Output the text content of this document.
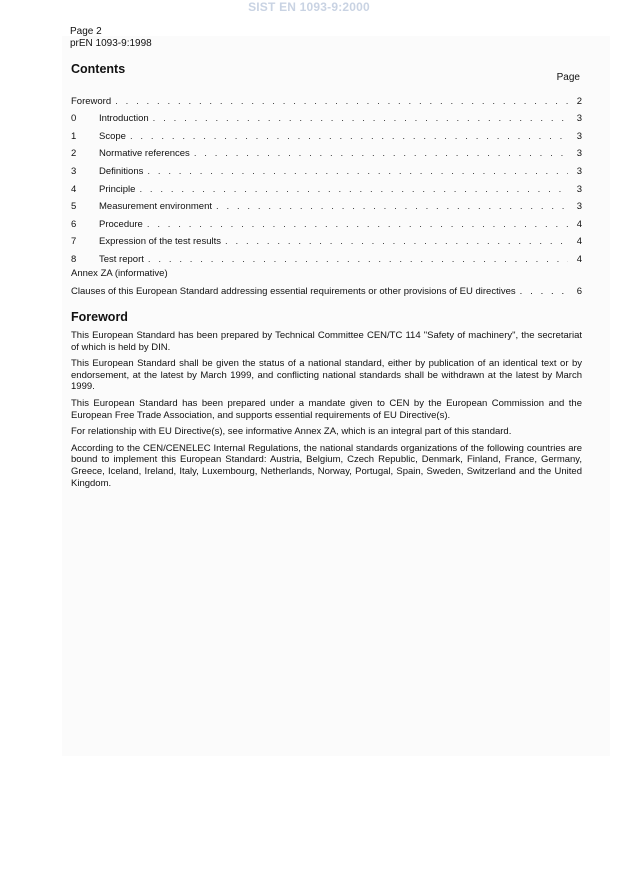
SIST EN 1093-9:2000
Page 2
prEN 1093-9:1998
Contents
Page
Foreword . . .	2
0	Introduction . . .	3
1	Scope . . .	3
2	Normative references . . .	3
3	Definitions . . .	3
4	Principle . . .	3
5	Measurement environment . . .	3
6	Procedure . . .	4
7	Expression of the test results . . .	4
8	Test report . . .	4
Annex ZA (informative)
Clauses of this European Standard addressing essential requirements or other provisions of EU directives . . .	6
Foreword

This European Standard has been prepared by Technical Committee CEN/TC 114 "Safety of machinery", the secretariat of which is held by DIN.

This European Standard shall be given the status of a national standard, either by publication of an identical text or by endorsement, at the latest by March 1999, and conflicting national standards shall be withdrawn at the latest by March 1999.

This European Standard has been prepared under a mandate given to CEN by the European Commission and the European Free Trade Association, and supports essential requirements of EU Directive(s).

For relationship with EU Directive(s), see informative Annex ZA, which is an integral part of this standard.

According to the CEN/CENELEC Internal Regulations, the national standards organizations of the following countries are bound to implement this European Standard: Austria, Belgium, Czech Republic, Denmark, Finland, France, Germany, Greece, Iceland, Ireland, Italy, Luxembourg, Netherlands, Norway, Portugal, Spain, Sweden, Switzerland and the United Kingdom.
